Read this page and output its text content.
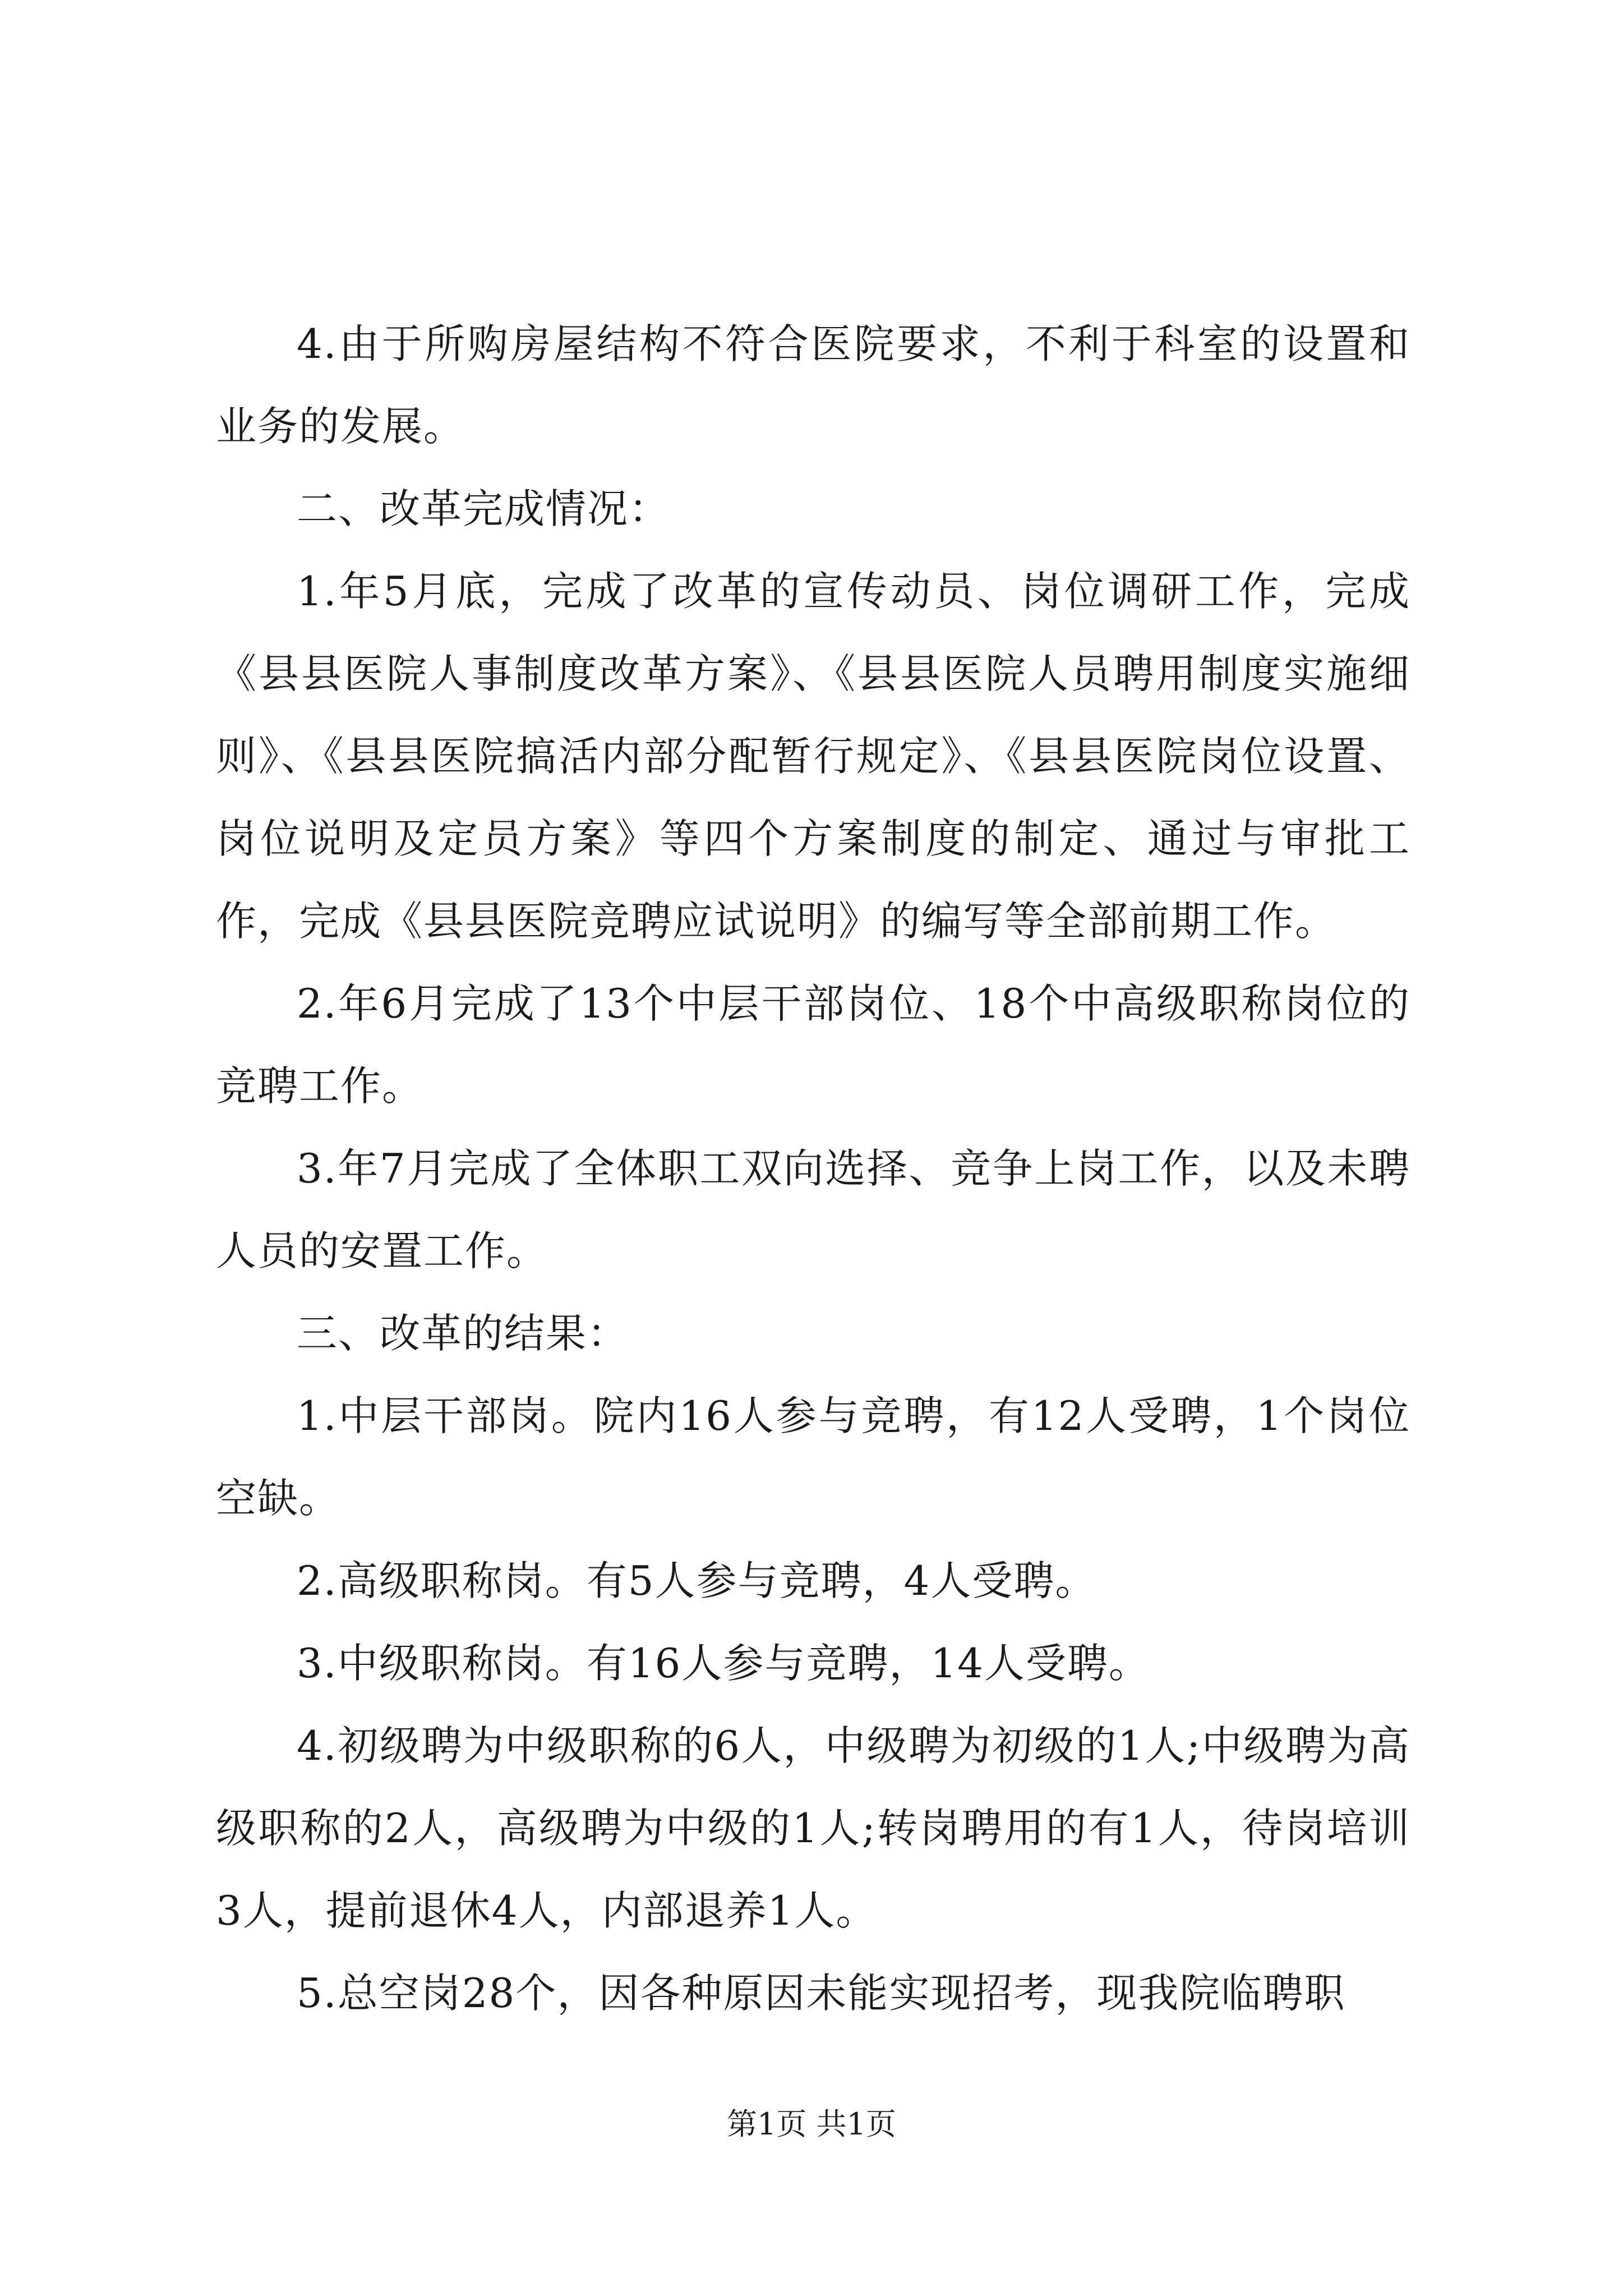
4.由于所购房屋结构不符合医院要求，不利于科室的设置和业务的发展。

二、改革完成情况：

1.年5月底，完成了改革的宣传动员、岗位调研工作，完成《县县医院人事制度改革方案》、《县县医院人员聘用制度实施细则》、《县县医院搞活内部分配暂行规定》、《县县医院岗位设置、岗位说明及定员方案》等四个方案制度的制定、通过与审批工作，完成《县县医院竞聘应试说明》的编写等全部前期工作。

2.年6月完成了13个中层干部岗位、18个中高级职称岗位的竞聘工作。

3.年7月完成了全体职工双向选择、竞争上岗工作，以及未聘人员的安置工作。

三、改革的结果：

1.中层干部岗。院内16人参与竞聘，有12人受聘，1个岗位空缺。

2.高级职称岗。有5人参与竞聘，4人受聘。

3.中级职称岗。有16人参与竞聘，14人受聘。

4.初级聘为中级职称的6人，中级聘为初级的1人;中级聘为高级职称的2人，高级聘为中级的1人;转岗聘用的有1人，待岗培训3人，提前退休4人，内部退养1人。

5.总空岗28个，因各种原因未能实现招考，现我院临聘职

第1页 共1页
